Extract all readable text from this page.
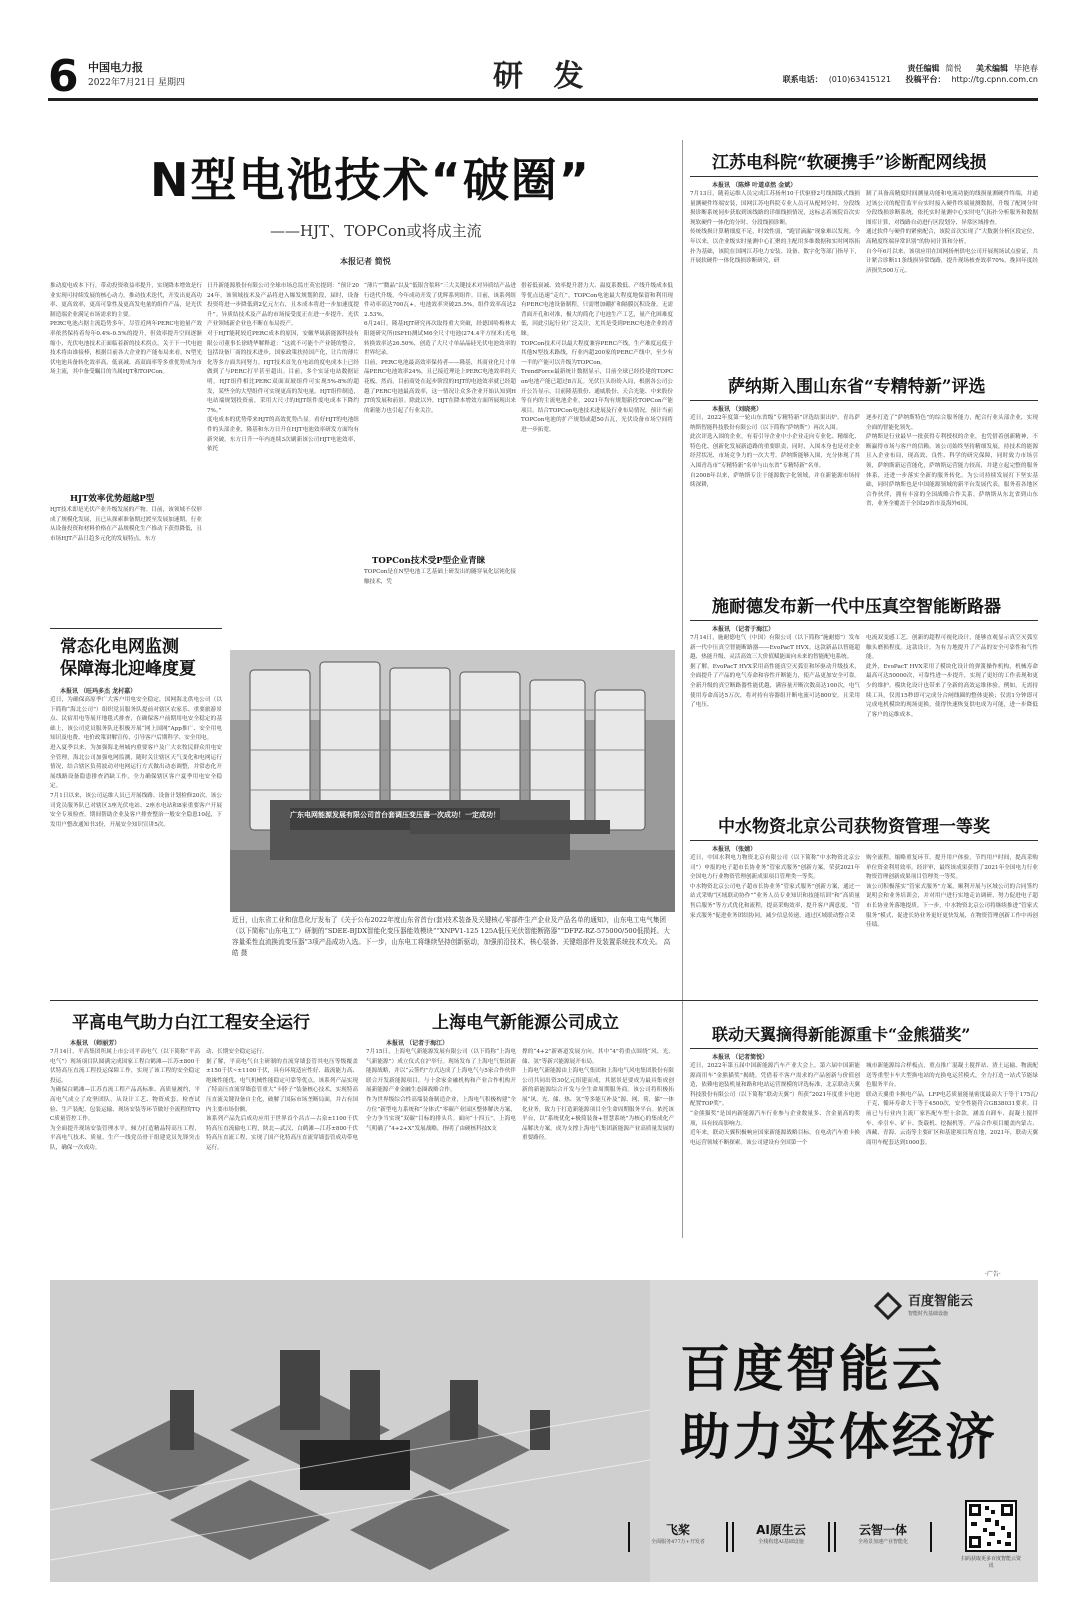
6 中国电力报
2022年7月21日 星期四	研 发	责任编辑 简悦 美术编辑 毕艳春
联系电话： (010)63415121 投稿平台： http://tg.cpnn.com.cn
N型电池技术“破圈”
——HJT、TOPCon或将成主流
本报记者 简悦
推动度电成本下行，带动投资收益率提升，实现降本增效是行业实现可持续发展的核心动力。推动技术迭代，开发出更高功率、更高效率，更高可靠性及更高发电量的组件产品，是光伏制造端企业满足市场需求的主要。
PERC电池占据主流趋势多年，尽管近两年PERC电池量产效率依然保持着每年0.4%-0.5%的提升，但效率提升空间逐渐缩小，光伏电池技术正面临着新的技术拐点。关于下一代电池技术将由谁接棒，根据目前各大企业的产能布局来看，N型光伏电池具备转化效率高、低衰减、高双面率等多重优势成为市场主流，其中备受瞩目的当属HJT和TOPCon。
HJT效率优势超越P型
HJT技术即是光伏产业升级发展的产物。目前，该领域不仅形成了规模化发展，且已从探索准备期过渡至发展加速期。行业从设备投资和材料价格在产品规模化生产推动下获得降低，且市场HJT产品日趋多元化的发展特点。东方
日升新能源股份有限公司全球市场总监庄英宏提到：“预计2024年，该领域技术及产品将进入爆发规划阶段，届时，设备投资将进一步降低到2亿元左右，且本成本将进一步加速度提升”。异质结技术及产品的市场接受度正在进一步提升，光伏产业领域新企业也不断在布局投产。
对于HJT能耗较近PERC成本的原因，安徽华晟新能源科技有限公司董事长徐晓华解释道：“这就不可能个产业链的整合，包括设备厂商的技术进步，国家政策扶持国产化，让片的薄片化等多方面共同努力。HJT技术首先在电站的度电成本上已经做到了与PERC打平甚至超出。目前，多个实证电站数据证明，HJT组件相比PERC双面双玻组件可实现5%-8%的超发，某些全的大型组件可实现更高的发电量。HJT组件制造，电站端规划投资前，采用大尺寸的HJT组件度电成本下降约7%。”
度电成本的优势带来HJT的高效优势凸显。看好HJT的电池组件的头部企业，隆基和东方日升在HJT电池效率研发方面均有新突破。东方日升一年内连续3次刷新该公司HJT电池效率，依托
“薄片”“微晶”以及“低银含浆料”三大关键技术对异质结产品进行迭代升级，今年成功开发了优晖系列组件。目前，该系列组件功率高达700瓦+，电池效率突破25.5%，组件效率高达22.53%。
6月24日，隆基HJT研究再次取得重大突破，经德国哈梅林太阳能研究所(ISFH)测试M6全尺寸电池(274.4平方厘米)光电转换效率达26.50%，创造了大尺寸单晶晶硅光伏电池效率的世界纪录。
目前，PERC电池最高效率保持者——隆基，其商业化尺寸单晶PERC电池效率24%，且已接近理论上PERC电池效率的天花板。然而，目前商处在起步阶段的HJT的电池效率就已经超越了PERC电池最高效率，这一情况让众多企业开始认知到HJT的发展和前景。除此以外，HJT在降本增效方面所展现出来的新能力也引起了行业关注。
TOPCon技术受P型企业青睐
TOPCon是在N型电池工艺基础上研发出的隧穿氧化层钝化接触技术，凭
借着低衰减、效率提升潜力大、温度系数低、产线升级成本低等优点迅速“走红”。TOPCon电池最大程度地保留和利用现有PERC电池设备制程，只需增加硼扩和隔膜沉积设备，无需背面开孔和对准，极大的简化了电池生产工艺，量产化困难度低，因此引起行业广泛关注，尤其是受到PERC电池企业的青睐。
TOPCon技术可以最大程度兼容PERC产线，生产难度远低于其他N型技术路线，行业内超200家的PERC产线中，至少有一半的产能可以升级为TOPCon。
TrendForce最新统计数据显示，目前全球已经投建的TOPCon电池产能已超过8吉瓦。光伏巨头纷纷入局，根据各公司公开公告显示，目前隆基股份、通威股份、天合光能、中来股份等在内的主流电池企业，2021年均有规划新投TOPCon产能项目。结合TOPCon电池技术进展及行业布局情况，预计当前TOPCon电池的扩产规划或超50吉瓦，光伏设备市场空间将进一步拓宽。
江苏电科院“软硬携手”诊断配网线损
本报讯 （陈烨 叶道卓然 金斌）
7月13日，随着运维人员完成江苏扬州10千伏驱驿2号线图版式线损量测硬件终端安装，国网江苏电科院专业人员可从配网分时、分段线损诊断系统同步获取到该线路的详细线损情况，这标志着该院首次实现软硬件一体化的分时、分段线损诊断。
传统线损计算精细度不足，时效性弱，“跑冒滴漏”现象难以发现。今年以来，以企业级实时量测中心汇聚的主配用多维数据和实时网络拓扑为基础，该院在国网江苏电力安装、设备、数字化等部门指导下，开展软硬件一体化线损诊断研究，研
制了具备高精度时间测量功能和电流功能的线损量测硬件终端，并通过该公司的配管监平台实时接入硬件终端量测数据，升级了配网分时分段线损诊断系统，依托实时量测中心实时电气拓扑分析服务和数据图库计算，对线路自动进行区段划分、异常区域排查。
通过软件与硬件的紧密配合，该院首次实现了“大数据分析区段定位、高精度终端异常识别”的协同计算和分析。
自今年6月以来，该项应用在国网扬州供电公司开展现场试点验证，共计紧合诊断11条线损异常线路，提升现场核查效率70%，挽回年度经济损失500万元。
萨纳斯入围山东省“专精特新”评选
本报讯 （刘晓亮）
近日，2022年度第一轮山东省级“专精特新”评选结果出炉，青岛萨纳斯智能科技股份有限公司（以下简称“萨纳斯”）再次入围。
此次评选入围的企业，有着引导企业中小企业走向专业化、精细化、特色化、创新化发展新道路的重要职责，同时，入围本身也是对企业经营状况、市场竞争力的一次大考。萨纳斯能够入围，充分体现了其入围青岛市“专精特新”名单与山东省“专精特新”名单。
自2008年以来，萨纳斯专注于能源数字化领域，并在新能源市场持续深耕，
逐步打造了“萨纳斯特色”的综合服务能力，配合行业头部企业，实现全面的智能化领先。
萨纳斯是行业最早一批获得专利授权的企业，也凭借着创新精神，不断赢得市场与客户的信赖。该公司始终坚持精细发展，持技术的能源且入企业布局，现高效、良性、科学的研究保障，同时致力市场引领，萨纳斯新运营能化，萨纳斯运营能力较高，并建立起完整的服务体系，还进一步落实全新的服务转化，为公司持续发展打下坚实基础，同时萨纳斯也是中国能源领域的新平台发展代表，服务着各地区合作伙伴，拥有丰富的全国战略合作关系。萨纳斯从东北省到山东省，业务全覆盖于全国29省市及海外6国。
施耐德发布新一代中压真空智能断路器
本报讯 （记者于海江）
7月14日，施耐德电气（中国）有限公司（以下简称“施耐德”）发布新一代中压真空智能断路器——EvoPacT HVX。这款新品以智能超越、热能升级、灵活高效三大价值赋能面向未来的智能配电系统。
据了解，EvoPacT HVX采用高性能真空灭弧室和坏驱动升级技术，全面提升了产品的电气寿命和容性开断能力，使产品更加安全可靠。全新升级的真空断路器性能优越，满容量开断次数高达100次，电气使用寿命高达5万次，将对持有容器组开断电流可达800安，且采用了电压、
电流双变感工艺。创新的超程可视化设计，能够直观显示真空灭弧室触头磨损程度。这款设计，为有力地提升了产品的安全可靠性和气性能。
此外，EvoPacT HVX采用了模块化设计的弹簧操作机构，机械寿命最高可达50000次，可靠性进一步提升，实现了更好的工作表现和更少的维护。模块化设计也带来了全新的高效运维体验。例如，无需持续工具，仅需15秒即可完成分合闸线圈的整体更换；仅需1分钟即可完成电机模块的现场更换，使得快速恢复供电成为可能，进一步降低了客户的运维成本。
中水物资北京公司获物资管理一等奖
本报讯 （张婧）
近日，中国水利电力物资北京有限公司（以下简称“中水物资北京公司”）申报的电子超市长协业务“管家式服务”创新方案，荣获2021年全国电力行业物资管理创新成果项目管理类一等奖。
中水物资北京公司电子超市长协业务“管家式服务”创新方案，通过一站式采购“区域联动协作”“业务人员专业知识和技能培训”和“高质量售后服务”等方式优化和流程，提高采购效率，提升客户满意度。“管家式服务”促进业务团结协同，减少信息传递，通过区域联动整合采
购全流程，缩略重复环节，提升用户体验，节约用户时间，提高采购单位资金利用效率。经评审，最终该成果获得了2021年全国电力行业物资管理创新成果项目管理类一等奖。
该公司积极落实“管家式服务”方案，顺利开展与区域公司的合同签约说明会和业务培训会，并对用户进行实地走访调研，努力促进电子超市长协业务落地提质。下一步，中水物资北京公司将继续推进“管家式服务”模式，促进长协业务更好更快发展，在物资管理创新工作中再创佳绩。
常态化电网监测
保障海北迎峰度夏
本报讯 （旺玛多杰 龙村嘉）
近日，为确保高原季广大客户用电安全稳定，国网海北供电公司（以下简称“海北公司”）组织党员服务队提前对辖区农家乐、重要旅游景点、民宿用电等展开地毯式排查，在确保客户前期用电安全稳定的基础上，该公司党员服务队还积极开展“网上国网”App推广、安全用电知识及电费、电价政策讲解宣传，引导客户后期科学、安全用电。
进入夏季以来，为加强海北州城内重要客户及广大农牧民群众用电安全管理，海北公司加强电网监测，随时关注辖区天气变化和电网运行情况，结合辖区负荷波动对电网运行方式做出动态调整，并常态化开展线路设备隐患排查消缺工作，全力确保辖区客户夏季用电安全稳定。
7月1日以来，该公司运维人员已开展线路、设备计划检修20次，该公司党员服务队已对辖区3座光伏电站、2座水电站和8家重要客户开展安全专项检查，期间帮助企业及客户排查整治一般安全隐患10起，下发用户整改通知书3份，开展安全知识宣讲5次。
广东电网能源发展有限公司首台套调压变压器一次成功！一定成功！
近日，山东省工业和信息化厅发布了《关于公布2022年度山东省首台(套)技术装备及关键核心零部件生产企业及产品名单的通知》，山东电工电气集团（以下简称“山东电工”）研制的“SDEE-BJDX智能化变压器能效模块”“XNPV1-125 125A低压光伏智能断路器”“DFPZ-RZ-575000/500低损耗、大容量柔性直流换流变压器”3项产品成功入选。下一步，山东电工将继续坚持创新驱动，加强前沿技术、核心装备、关键组部件及装置系统技术攻关。 高皓 摄
平高电气助力白江工程安全运行
本报讯 （师丽芳）
7月14日，平高集团所属上市公司平高电气（以下简称“平高电气”）现场项目队圆满完成国家工程白鹤滩—江苏±800千伏特高压直流工程投运保障工作，实现了该工程的安全稳定投运。
为确保白鹤滩—江苏直流工程产品高标准、高质量履约，平高电气成立了攻坚团队，从设计工艺、物资成套、检查试验、生产装配、包装运输、现场安装等环节做好全流程的TQC质量管控工作。
为全面提升现场安装管理水平，倾力打造精品特高压工程，平高电气技术、质量、生产一线党员骨干组建党员先锋突击队，确保一次成功。
动、长期安全稳定运行。
据了解，平高电气自主研制的直流穿墙套管其电压等级覆盖±150千伏~±1100千伏，具有环境适应性好、载流能力高、绝缘性能优、电气机械性能稳定可靠等优点。该系列产品实现了特高压直流穿墙套管重大“卡脖子”装备核心技术，实现特高压直流关键设备自主化，破解了国际市场垄断局面，并占有国内主要市场份额。
该系列产品先后成功应用于世界首个昌吉—古泉±1100千伏特高压直流输电工程，陕北—武汉、白鹤滩—江苏±800千伏特高压直流工程，实现了国产化特高压直流穿墙套管成功带电运行。
上海电气新能源公司成立
本报讯 （记者于海江）
7月15日，上海电气新能源发展有限公司（以下简称“上海电气新能源”）成立仪式在沪举行。现场发布了上海电气集团新能源战略，并以“云签约”方式达成了上海电气与5家合作伙伴联合开发新能源项目，与十余家金融机构和产业合作机构开展新能源产业金融生态圈战略合作。
作为世界级综合性高端装备制造企业，上海电气积极构建“全方位”新型电力系统和“分体式”零碳产业园区整体解决方案，全力争当实现“双碳”目标的排头兵。面向“十四五”，上海电气明确了“4+2+X”发展战略，指明了由硬核科技X支
撑的“4+2”新赛道发展方向。其中“4”将重点围绕“风、光、储、氢”等新兴能源展开布局。
上海电气新能源由上海电气集团和上海电气风电集团股份有限公司共同出资30亿元组建而成，其愿景是要成为最具集成创新的新能源综合开发与全生命周期服务商。该公司将积极拓展“风、光、储、热、氢”等多能互补及“源、网、荷、储”一体化业务，致力于打造新能源项目全生命周期服务平台。依托该平台，以“系统优化+极简装备+智慧系统”为核心的集成化产品解决方案，成为支撑上海电气集团新能源产业高质量发展的重要路径。
联动天翼摘得新能源重卡“金熊猫奖”
本报讯 （记者简悦）
近日，2022年第五届中国新能源汽车产业大会上，第六届中国新能源商用车“金熊猫奖”揭晓。凭借着不客户需求的产品创新与价值创造，依赖电池装机量和路和电站运营规模的评选标准，北京联动天翼科技股份有限公司（以下简称“联动天翼”）所获“2021年度重卡电池配置TOP奖”。
“金熊猫奖”是国内新能源汽车行业参与企业数量多、含金量高的奖项，具有较高影响力。
近年来，联动天翼积极响应国家新能源战略目标，在电动汽车重卡换电运营领域不断探索。该公司建设有全国第一个
城市新能源综合样板点，重点推广混凝土搅拌站、渣土运输、物流配送等重型卡车大型换电站的充换电运营模式，全力打造一站式节能绿色服务平台。
联动天翼重卡换电产品，LFP电芯质量能量密度最高大于等于175瓦/千克，循环寿命大于等于4500次，安全性能符合GB38031要求。目前已与行业内主流厂家匹配车型十余款，涵盖自卸车、混凝土搅拌车、牵引车、矿卡、货载机、挖掘机等。产品合作项目覆盖内蒙古、西藏、青海、云南等主要矿区和基建项目所在地，2021年，联动天翼商用车配套达到1000套。
·广告·
百度智能云
智能时代基础设施
百度智能云
助力实体经济
飞桨
全面服务477万+开发者
AI原生云
全栈构建AI基础设施
云智一体
全场景加速产业智能化
扫码获取更多百度智能云资讯
